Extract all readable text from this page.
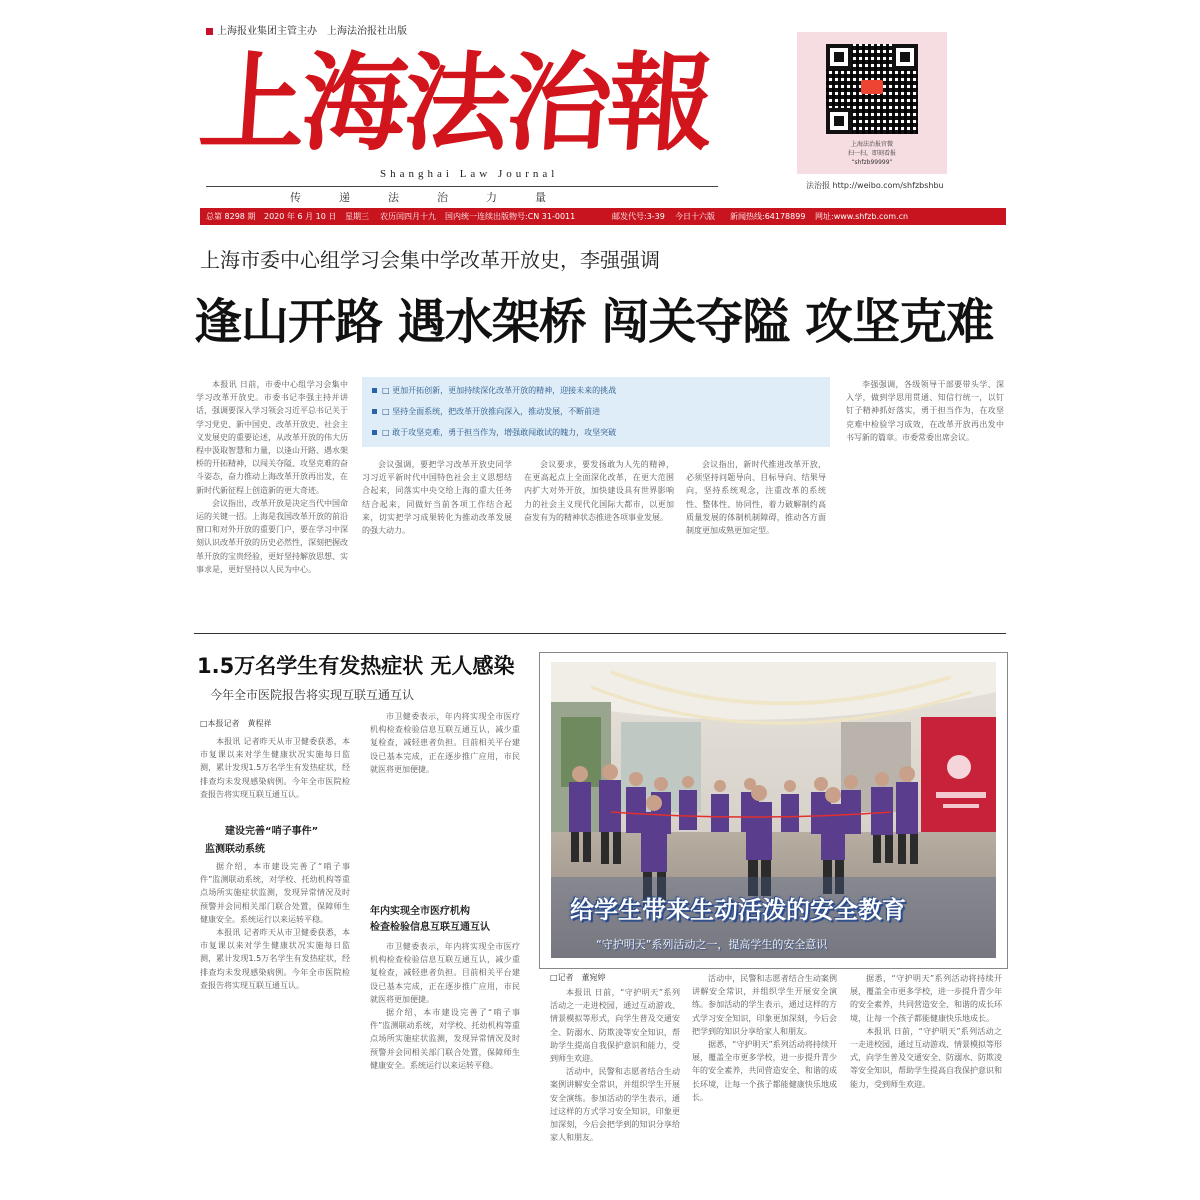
上海报业集团主管主办　上海法治报社出版
上海法治報
Shanghai Law Journal
传递法治力量
上海法治报官微
扫一扫，即刻看报
“shfzb99999”
法治报 http://weibo.com/shfzbshbu
总第 8298 期 2020 年 6 月 10 日 星期三 农历闰四月十九 国内统一连续出版物号:CN 31-0011	邮发代号:3-39 今日十六版 新闻热线:64178899 网址:www.shfzb.com.cn
上海市委中心组学习会集中学改革开放史，李强强调
逢山开路 遇水架桥 闯关夺隘 攻坚克难

本报讯 日前，市委中心组学习会集中学习改革开放史。市委书记李强主持并讲话，强调要深入学习领会习近平总书记关于学习党史、新中国史、改革开放史、社会主义发展史的重要论述，从改革开放的伟大历程中汲取智慧和力量，以逢山开路、遇水架桥的开拓精神，以闯关夺隘、攻坚克难的奋斗姿态，奋力推动上海改革开放再出发，在新时代新征程上创造新的更大奇迹。

会议指出，改革开放是决定当代中国命运的关键一招。上海是我国改革开放的前沿窗口和对外开放的重要门户，要在学习中深刻认识改革开放的历史必然性，深刻把握改革开放的宝贵经验，更好坚持解放思想、实事求是，更好坚持以人民为中心。

□ 更加开拓创新，更加持续深化改革开放的精神，迎接未来的挑战
□ 坚持全面系统，把改革开放推向深入，推动发展，不断前进
□ 敢于攻坚克难，勇于担当作为，增强敢闯敢试的魄力，攻坚突破

会议强调，要把学习改革开放史同学习习近平新时代中国特色社会主义思想结合起来，同落实中央交给上海的重大任务结合起来，同做好当前各项工作结合起来，切实把学习成果转化为推动改革发展的强大动力。

会议要求，要发扬敢为人先的精神，在更高起点上全面深化改革，在更大范围内扩大对外开放，加快建设具有世界影响力的社会主义现代化国际大都市，以更加奋发有为的精神状态推进各项事业发展。

会议指出，新时代推进改革开放，必须坚持问题导向、目标导向、结果导向，坚持系统观念，注重改革的系统性、整体性、协同性，着力破解制约高质量发展的体制机制障碍，推动各方面制度更加成熟更加定型。

李强强调，各级领导干部要带头学、深入学，做到学思用贯通、知信行统一，以钉钉子精神抓好落实，勇于担当作为，在攻坚克难中检验学习成效，在改革开放再出发中书写新的篇章。市委常委出席会议。

1.5万名学生有发热症状 无人感染
今年全市医院报告将实现互联互通互认
□本报记者　黄程祥

本报讯 记者昨天从市卫健委获悉，本市复课以来对学生健康状况实施每日监测，累计发现1.5万名学生有发热症状，经排查均未发现感染病例。今年全市医院检查报告将实现互联互通互认。

建设完善“哨子事件”
监测联动系统

据介绍，本市建设完善了“哨子事件”监测联动系统，对学校、托幼机构等重点场所实施症状监测，发现异常情况及时预警并会同相关部门联合处置，保障师生健康安全。系统运行以来运转平稳。

本报讯 记者昨天从市卫健委获悉，本市复课以来对学生健康状况实施每日监测，累计发现1.5万名学生有发热症状，经排查均未发现感染病例。今年全市医院检查报告将实现互联互通互认。

市卫健委表示，年内将实现全市医疗机构检查检验信息互联互通互认，减少重复检查，减轻患者负担。目前相关平台建设已基本完成，正在逐步推广应用，市民就医将更加便捷。

年内实现全市医疗机构
检查检验信息互联互通互认

市卫健委表示，年内将实现全市医疗机构检查检验信息互联互通互认，减少重复检查，减轻患者负担。目前相关平台建设已基本完成，正在逐步推广应用，市民就医将更加便捷。

据介绍，本市建设完善了“哨子事件”监测联动系统，对学校、托幼机构等重点场所实施症状监测，发现异常情况及时预警并会同相关部门联合处置，保障师生健康安全。系统运行以来运转平稳。

给学生带来生动活泼的安全教育
“守护明天”系列活动之一，提高学生的安全意识
□记者　董宛婷

本报讯 日前，“守护明天”系列活动之一走进校园，通过互动游戏、情景模拟等形式，向学生普及交通安全、防溺水、防欺凌等安全知识，帮助学生提高自我保护意识和能力，受到师生欢迎。

活动中，民警和志愿者结合生动案例讲解安全常识，并组织学生开展安全演练。参加活动的学生表示，通过这样的方式学习安全知识，印象更加深刻，今后会把学到的知识分享给家人和朋友。

活动中，民警和志愿者结合生动案例讲解安全常识，并组织学生开展安全演练。参加活动的学生表示，通过这样的方式学习安全知识，印象更加深刻，今后会把学到的知识分享给家人和朋友。

据悉，“守护明天”系列活动将持续开展，覆盖全市更多学校，进一步提升青少年的安全素养，共同营造安全、和谐的成长环境，让每一个孩子都能健康快乐地成长。

据悉，“守护明天”系列活动将持续开展，覆盖全市更多学校，进一步提升青少年的安全素养，共同营造安全、和谐的成长环境，让每一个孩子都能健康快乐地成长。

本报讯 日前，“守护明天”系列活动之一走进校园，通过互动游戏、情景模拟等形式，向学生普及交通安全、防溺水、防欺凌等安全知识，帮助学生提高自我保护意识和能力，受到师生欢迎。
